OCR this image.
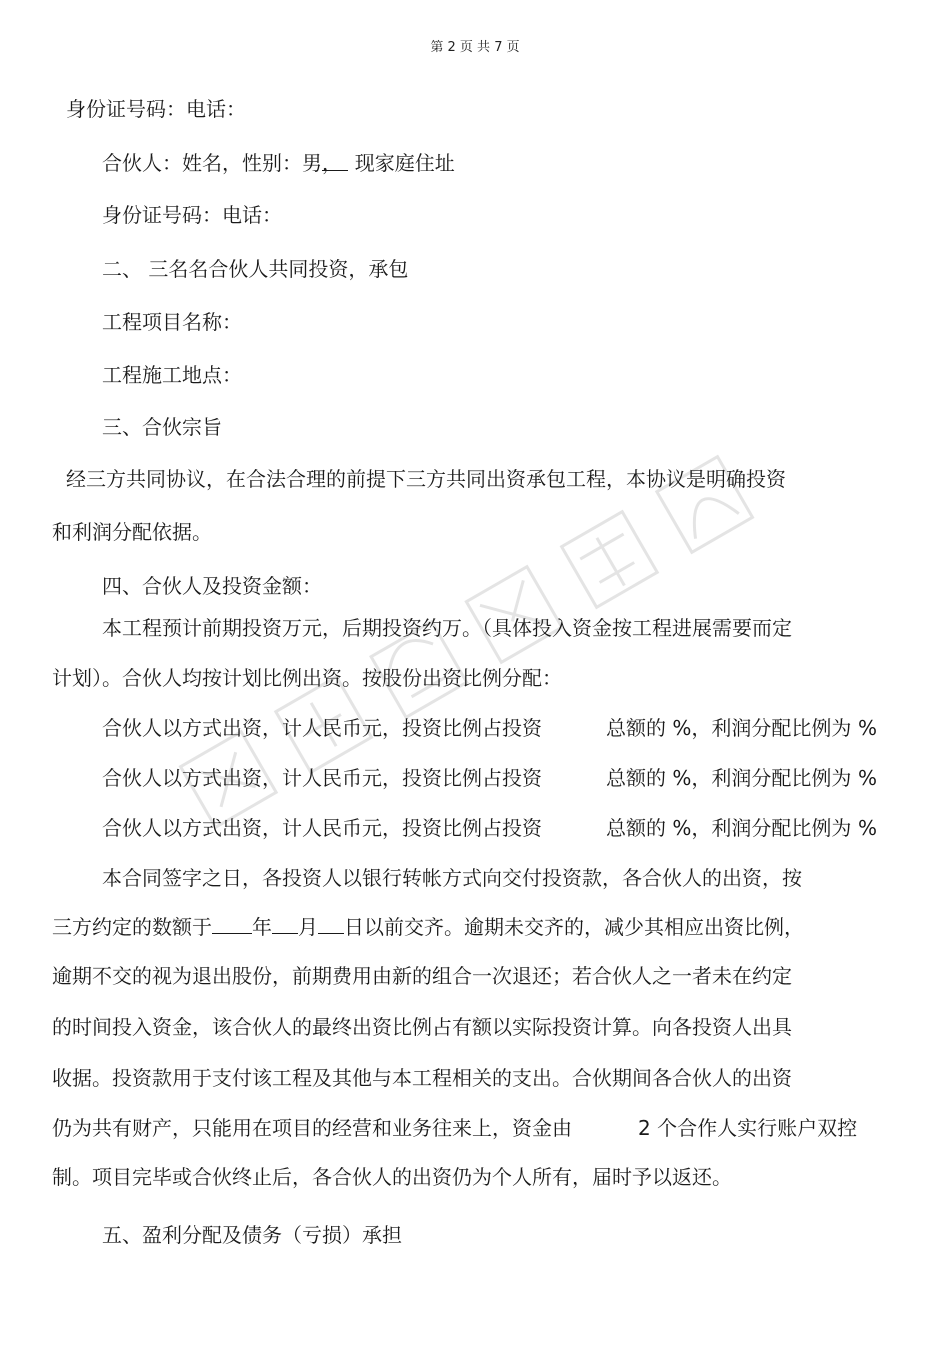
第 2 页 共 7 页
身份证号码：电话：
合伙人：姓名，性别：男，  现家庭住址
身份证号码：电话：
二、 三名名合伙人共同投资，承包
工程项目名称：
工程施工地点：
三、合伙宗旨
经三方共同协议，在合法合理的前提下三方共同出资承包工程，本协议是明确投资
和利润分配依据。
四、合伙人及投资金额：
本工程预计前期投资万元，后期投资约万。（具体投入资金按工程进展需要而定
计划）。合伙人均按计划比例出资。按股份出资比例分配：
合伙人以方式出资，计人民币元，投资比例占投资	总额的 %，利润分配比例为 %
合伙人以方式出资，计人民币元，投资比例占投资	总额的 %，利润分配比例为 %
合伙人以方式出资，计人民币元，投资比例占投资	总额的 %，利润分配比例为 %
本合同签字之日，各投资人以银行转帐方式向交付投资款，各合伙人的出资，按
三方约定的数额于 年 月 日以前交齐。逾期未交齐的，减少其相应出资比例，
逾期不交的视为退出股份，前期费用由新的组合一次退还；若合伙人之一者未在约定
的时间投入资金，该合伙人的最终出资比例占有额以实际投资计算。向各投资人出具
收据。投资款用于支付该工程及其他与本工程相关的支出。合伙期间各合伙人的出资
仍为共有财产，只能用在项目的经营和业务往来上，资金由	2 个合作人实行账户双控
制。项目完毕或合伙终止后，各合伙人的出资仍为个人所有，届时予以返还。
五、盈利分配及债务（亏损）承担
